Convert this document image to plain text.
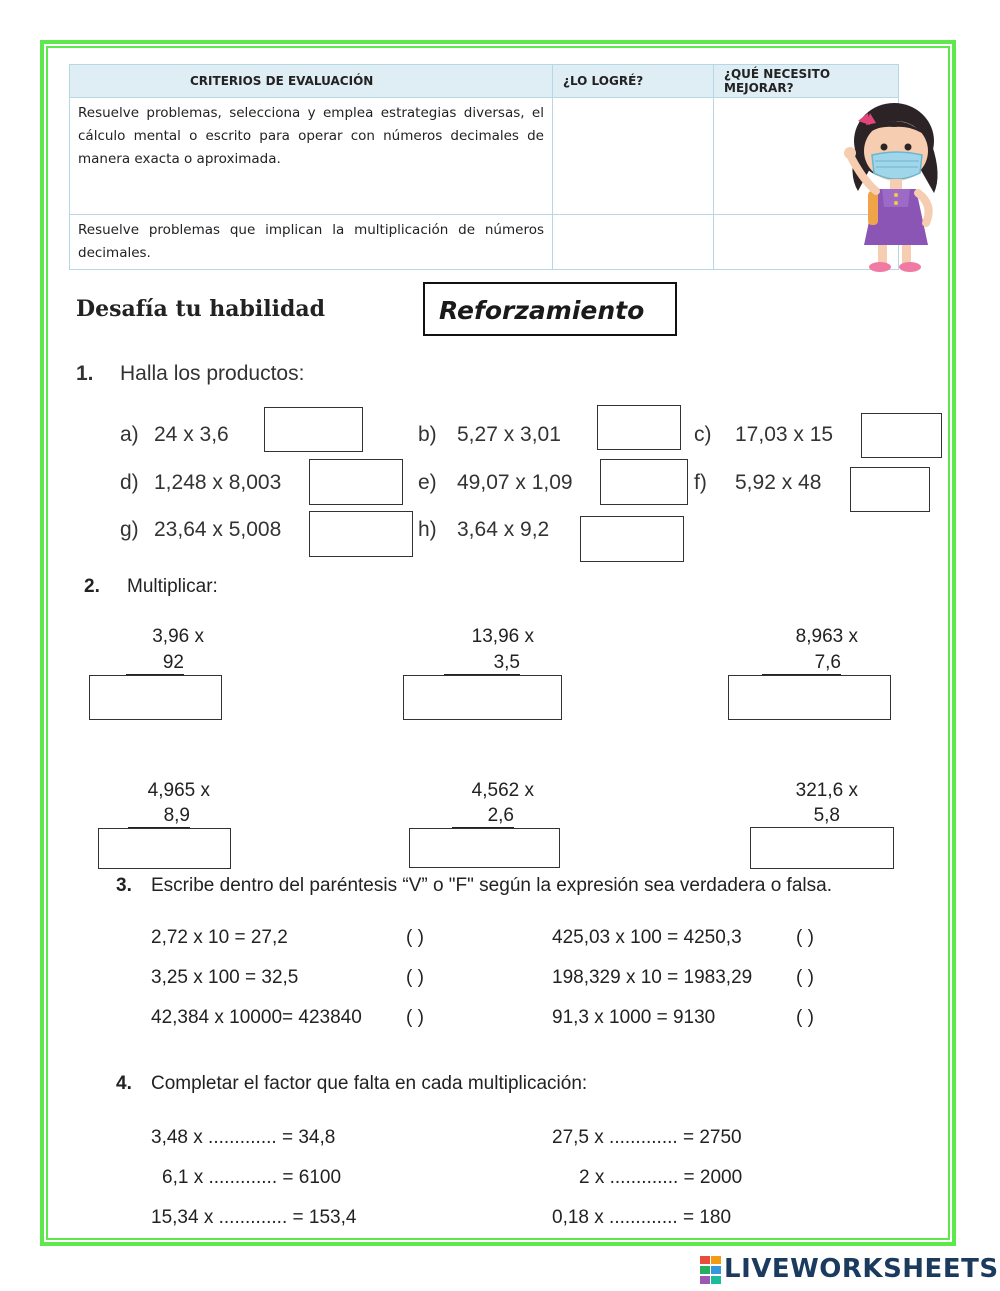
CRITERIOS DE EVALUACIÓN	¿LO LOGRÉ?	¿QUÉ NECESITO MEJORAR?

Resuelve problemas, selecciona y emplea estrategias diversas, el cálculo mental o escrito para operar con números decimales de manera exacta o aproximada.		

Resuelve problemas que implican la multiplicación de números decimales.		
Desafía tu habilidad	Reforzamiento
1. Halla los productos:
a) 24 x 3,6	b) 5,27 x 3,01	c) 17,03 x 15
d) 1,248 x 8,003	e) 49,07 x 1,09	f) 5,92 x 48
g) 23,64 x 5,008	h) 3,64 x 9,2
2. Multiplicar:
3,96 x
92
13,96 x
3,5
8,963 x
7,6
4,965 x
8,9
4,562 x
2,6
321,6 x
5,8
3. Escribe dentro del paréntesis “V” o "F" según la expresión sea verdadera o falsa.
2,72 x 10 = 27,2	( )	425,03 x 100 = 4250,3	( )
3,25 x 100 = 32,5	( )	198,329 x 10 = 1983,29 ( )
42,384 x 10000= 423840 ( )	91,3 x 1000 = 9130	( )
4. Completar el factor que falta en cada multiplicación:
3,48 x ............. = 34,8	27,5 x ............. = 2750
6,1 x ............. = 6100	2 x ............. = 2000
15,34 x ............. = 153,4	0,18 x ............. = 180
LIVEWORKSHEETS
